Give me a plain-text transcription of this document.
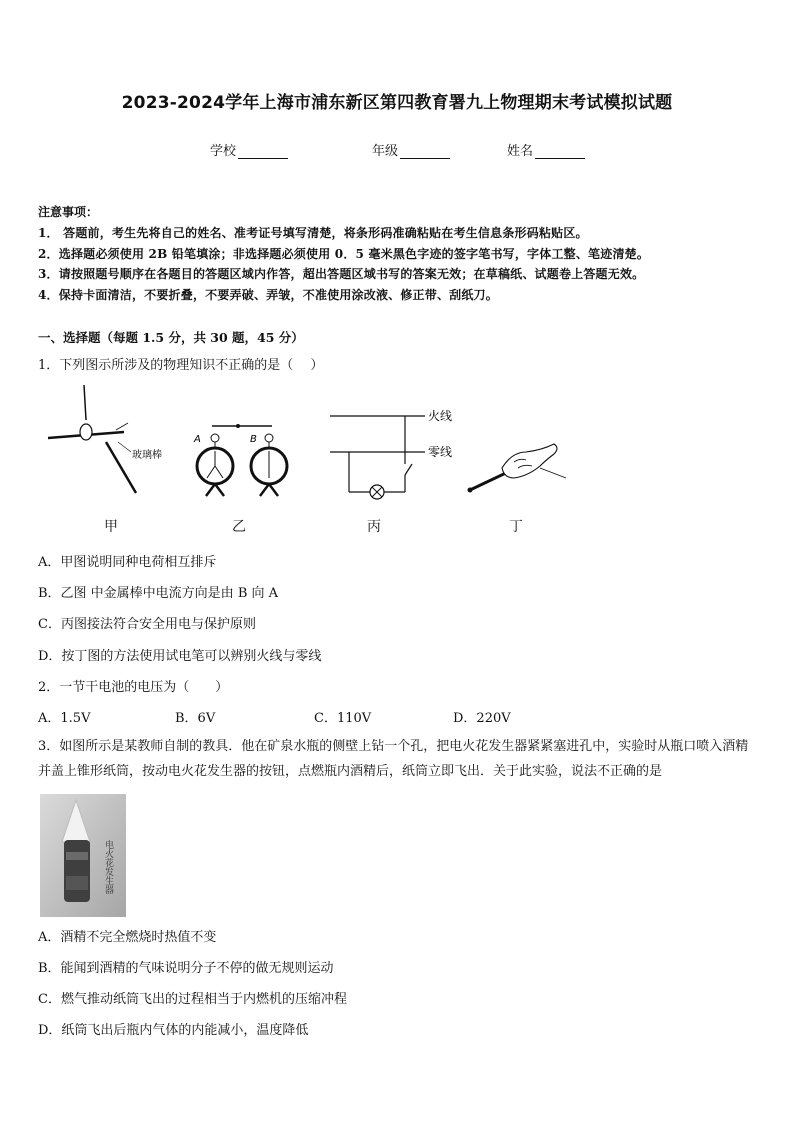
2023-2024学年上海市浦东新区第四教育署九上物理期末考试模拟试题
学校	年级	姓名
注意事项：
1． 答题前，考生先将自己的姓名、准考证号填写清楚，将条形码准确粘贴在考生信息条形码粘贴区。
2．选择题必须使用 2B 铅笔填涂；非选择题必须使用 0．5 毫米黑色字迹的签字笔书写，字体工整、笔迹清楚。
3．请按照题号顺序在各题目的答题区域内作答，超出答题区域书写的答案无效；在草稿纸、试题卷上答题无效。
4．保持卡面清洁，不要折叠，不要弄破、弄皱，不准使用涂改液、修正带、刮纸刀。
一、选择题（每题 1.5 分，共 30 题，45 分）
1．下列图示所涉及的物理知识不正确的是（　 ）
玻璃棒
A	B
火线
零线
甲	乙	丙	丁
A．甲图说明同种电荷相互排斥
B．乙图 中金属棒中电流方向是由 B 向 A
C．丙图接法符合安全用电与保护原则
D．按丁图的方法使用试电笔可以辨别火线与零线
2．一节干电池的电压为（　　）
A．1.5V	B．6V	C．110V	D．220V
3．如图所示是某教师自制的教具．他在矿泉水瓶的侧壁上钻一个孔，把电火花发生器紧紧塞进孔中，实验时从瓶口喷入酒精并盖上锥形纸筒，按动电火花发生器的按钮，点燃瓶内酒精后，纸筒立即飞出．关于此实验，说法不正确的是
电火花发生器
A．酒精不完全燃烧时热值不变
B．能闻到酒精的气味说明分子不停的做无规则运动
C．燃气推动纸筒飞出的过程相当于内燃机的压缩冲程
D．纸筒飞出后瓶内气体的内能减小，温度降低
